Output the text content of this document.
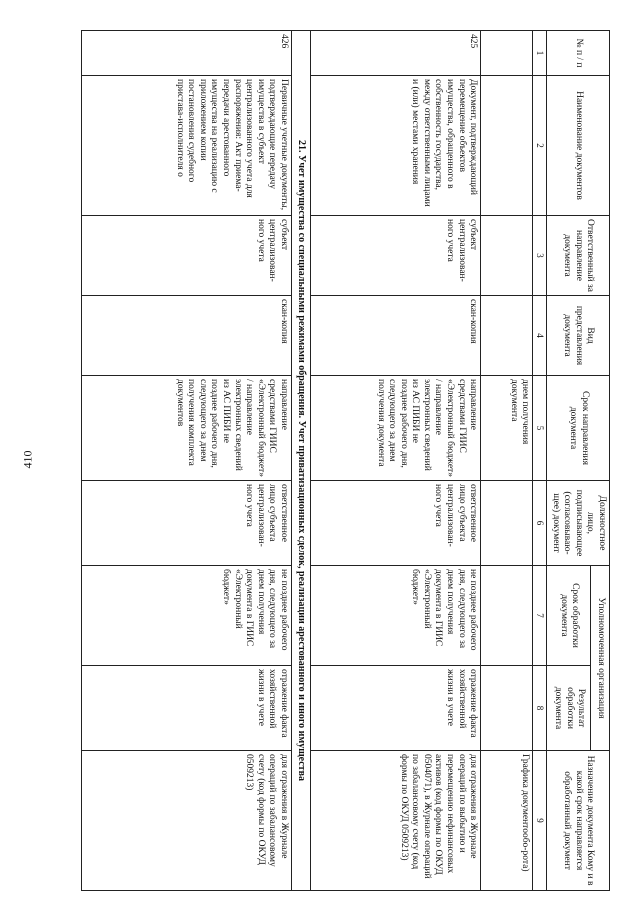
410
№ п / п	Наименование документов	Ответственный за направление документа	Вид представления документа	Срок направления документа	Должностное лицо, подписывающее (согласовываю-щее) документ	Уполномоченная организация		Назначение документа Кому и в какой срок направляется обработанный документ
						Срок обработки документа	Результат обработки документа	
1	2	3	4	5	6	7	8	9
				днем получения документа				Графика документообо-рота)
425	Документ, подтверждающий перемещение объектов имущества, обращенного в собственность государства, между ответственными лицами и (или) местами хранения	субъект централизован-ного учета	скан-копия	направление средствами ГИИС «Электронный бюджет» / направление электронных сведений из АС ПИБИ не позднее рабочего дня, следующего за днем получения документа	ответственное лицо субъекта централизован-ного учета	не позднее рабочего дня, следующего за днем получения документа в ГИИС «Электронный бюджет»	отражение факта хозяйственной жизни в учете	для отражения в Журнале операций по выбытию и перемещению нефинансовых активов (код формы по ОКУД 0504071), в Журнале операций по забалансовому счету (код формы по ОКУД 0509213)
21. Учет имущества со специальными режимами обращения. Учет приватизационных сделок, реализации арестованного и иного имущества								
426	Первичные учетные документы, подтверждающие передачу имущества в субъект централизованного учета для распоряжения: Акт приема-передачи арестованного имущества на реализацию с приложением копии постановления судебного пристава-исполнителя о	субъект централизован-ного учета	скан-копия	направление средствами ГИИС «Электронный бюджет» / направление электронных сведений из АС ПИБИ не позднее рабочего дня, следующего за днем получения комплекта документов	ответственное лицо субъекта централизован-ного учета	не позднее рабочего дня, следующего за днем получения документа в ГИИС «Электронный бюджет»	отражение факта хозяйственной жизни в учете	для отражения в Журнале операций по забалансовому счету (код формы по ОКУД 0509213)
